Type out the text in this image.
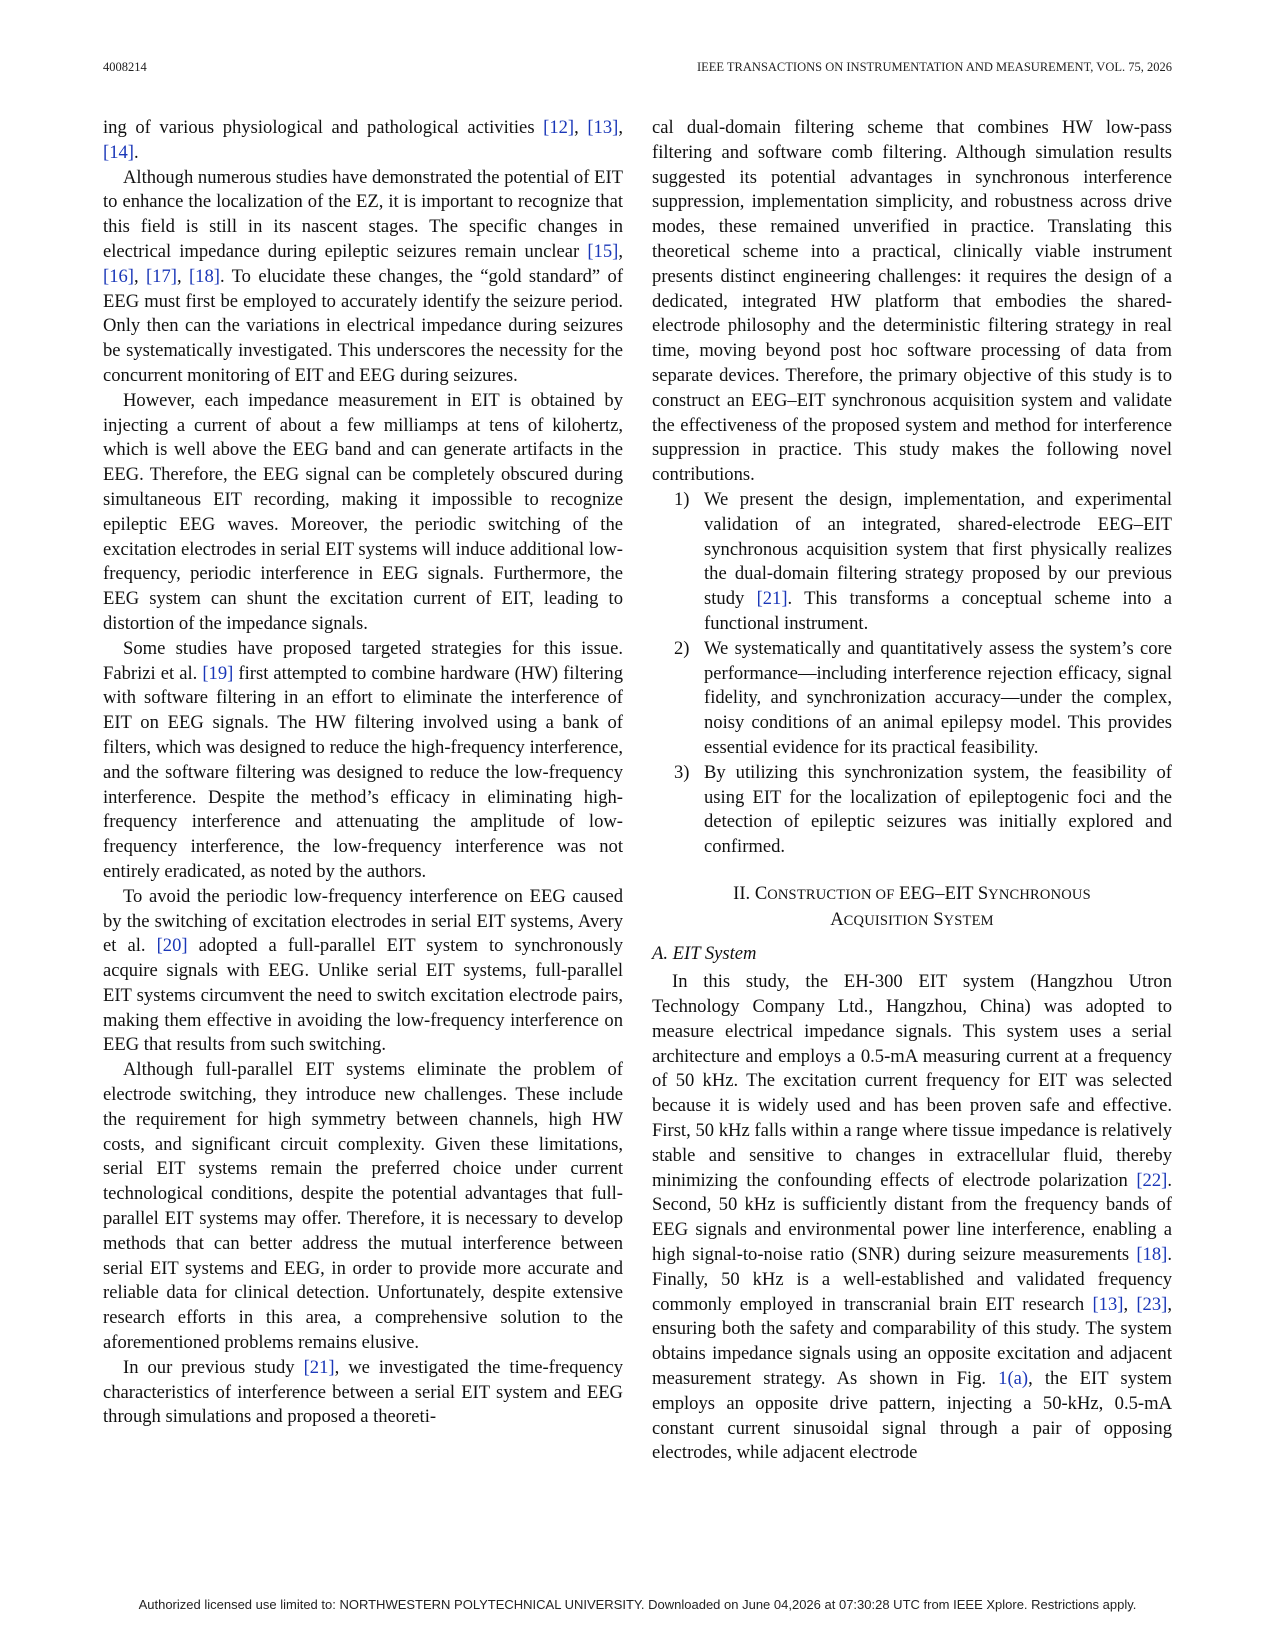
4008214	IEEE TRANSACTIONS ON INSTRUMENTATION AND MEASUREMENT, VOL. 75, 2026

ing of various physiological and pathological activities [12], [13], [14].

Although numerous studies have demonstrated the potential of EIT to enhance the localization of the EZ, it is important to recognize that this field is still in its nascent stages. The specific changes in electrical impedance during epileptic seizures remain unclear [15], [16], [17], [18]. To elucidate these changes, the “gold standard” of EEG must first be employed to accurately identify the seizure period. Only then can the variations in electrical impedance during seizures be systematically investigated. This underscores the necessity for the concurrent monitoring of EIT and EEG during seizures.

However, each impedance measurement in EIT is obtained by injecting a current of about a few milliamps at tens of kilohertz, which is well above the EEG band and can generate artifacts in the EEG. Therefore, the EEG signal can be completely obscured during simultaneous EIT recording, making it impossible to recognize epileptic EEG waves. Moreover, the periodic switching of the excitation electrodes in serial EIT systems will induce additional low-frequency, periodic interference in EEG signals. Furthermore, the EEG system can shunt the excitation current of EIT, leading to distortion of the impedance signals.

Some studies have proposed targeted strategies for this issue. Fabrizi et al. [19] first attempted to combine hardware (HW) filtering with software filtering in an effort to eliminate the interference of EIT on EEG signals. The HW filtering involved using a bank of filters, which was designed to reduce the high-frequency interference, and the software filtering was designed to reduce the low-frequency interference. Despite the method’s efficacy in eliminating high-frequency interference and attenuating the amplitude of low-frequency interference, the low-frequency interference was not entirely eradicated, as noted by the authors.

To avoid the periodic low-frequency interference on EEG caused by the switching of excitation electrodes in serial EIT systems, Avery et al. [20] adopted a full-parallel EIT system to synchronously acquire signals with EEG. Unlike serial EIT systems, full-parallel EIT systems circumvent the need to switch excitation electrode pairs, making them effective in avoiding the low-frequency interference on EEG that results from such switching.

Although full-parallel EIT systems eliminate the problem of electrode switching, they introduce new challenges. These include the requirement for high symmetry between channels, high HW costs, and significant circuit complexity. Given these limitations, serial EIT systems remain the preferred choice under current technological conditions, despite the potential advantages that full-parallel EIT systems may offer. Therefore, it is necessary to develop methods that can better address the mutual interference between serial EIT systems and EEG, in order to provide more accurate and reliable data for clinical detection. Unfortunately, despite extensive research efforts in this area, a comprehensive solution to the aforementioned problems remains elusive.

In our previous study [21], we investigated the time-frequency characteristics of interference between a serial EIT system and EEG through simulations and proposed a theoreti-

cal dual-domain filtering scheme that combines HW low-pass filtering and software comb filtering. Although simulation results suggested its potential advantages in synchronous interference suppression, implementation simplicity, and robustness across drive modes, these remained unverified in practice. Translating this theoretical scheme into a practical, clinically viable instrument presents distinct engineering challenges: it requires the design of a dedicated, integrated HW platform that embodies the shared-electrode philosophy and the deterministic filtering strategy in real time, moving beyond post hoc software processing of data from separate devices. Therefore, the primary objective of this study is to construct an EEG–EIT synchronous acquisition system and validate the effectiveness of the proposed system and method for interference suppression in practice. This study makes the following novel contributions.

1) We present the design, implementation, and experimental validation of an integrated, shared-electrode EEG–EIT synchronous acquisition system that first physically realizes the dual-domain filtering strategy proposed by our previous study [21]. This transforms a conceptual scheme into a functional instrument.
2) We systematically and quantitatively assess the system’s core performance—including interference rejection efficacy, signal fidelity, and synchronization accuracy—under the complex, noisy conditions of an animal epilepsy model. This provides essential evidence for its practical feasibility.
3) By utilizing this synchronization system, the feasibility of using EIT for the localization of epileptogenic foci and the detection of epileptic seizures was initially explored and confirmed.
II. CONSTRUCTION OF EEG–EIT SYNCHRONOUS
ACQUISITION SYSTEM
A. EIT System

In this study, the EH-300 EIT system (Hangzhou Utron Technology Company Ltd., Hangzhou, China) was adopted to measure electrical impedance signals. This system uses a serial architecture and employs a 0.5-mA measuring current at a frequency of 50 kHz. The excitation current frequency for EIT was selected because it is widely used and has been proven safe and effective. First, 50 kHz falls within a range where tissue impedance is relatively stable and sensitive to changes in extracellular fluid, thereby minimizing the confounding effects of electrode polarization [22]. Second, 50 kHz is sufficiently distant from the frequency bands of EEG signals and environmental power line interference, enabling a high signal-to-noise ratio (SNR) during seizure measurements [18]. Finally, 50 kHz is a well-established and validated frequency commonly employed in transcranial brain EIT research [13], [23], ensuring both the safety and comparability of this study. The system obtains impedance signals using an opposite excitation and adjacent measurement strategy. As shown in Fig. 1(a), the EIT system employs an opposite drive pattern, injecting a 50-kHz, 0.5-mA constant current sinusoidal signal through a pair of opposing electrodes, while adjacent electrode

Authorized licensed use limited to: NORTHWESTERN POLYTECHNICAL UNIVERSITY. Downloaded on June 04,2026 at 07:30:28 UTC from IEEE Xplore. Restrictions apply.
